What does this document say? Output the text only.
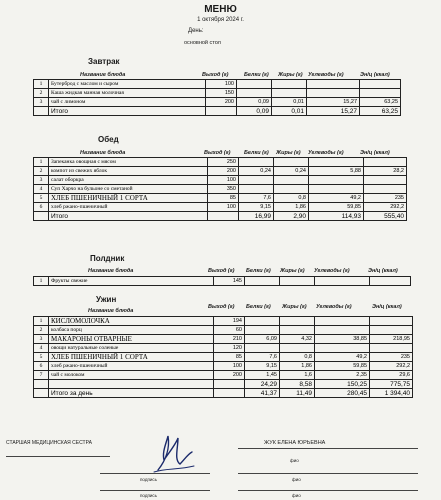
МЕНЮ
1 октября 2024 г.
День:
основной стол
Завтрак
Название блюда	Выход (г)	Белки (г) Жиры (г) Углеводы (г)	Эн/ц (ккал)
1	Бутерброд с маслом и сыром	100				
2	Каша жидкая манная молочная	150				
3	чай с лимоном	200	0,09	0,01	15,27	63,25
	Итого		0,09	0,01	15,27	63,25
Обед
Название блюда	Выход (г) Белки (г) Жиры (г) Углеводы (г)	Эн/ц (ккал)
1	Запеканка овощная с мясом	250				
2	компот из свежих яблок	200	0,24	0,24	5,88	28,2
3	салат оборкра	100				
4	Суп Харчо на бульоне со сметаной	350				
5	ХЛЕБ ПШЕНИЧНЫЙ 1 СОРТА	85	7,6	0,8	49,2	235
6	хлеб ржано-пшеничный	100	9,15	1,86	59,85	292,2
	Итого		16,99	2,90	114,93	555,40
Полдник
Название блюда	Выход (г) Белки (г) Жиры (г) Углеводы (г)	Эн/ц (ккал)
1	Фрукты свежие	145				
Ужин
Название блюда
Выход (г) Белки (г) Жиры (г) Углеводы (г)	Эн/ц (ккал)
1	КИСЛОМОЛОЧКА	194				
2	колбаса порц	60				
3	МАКАРОНЫ ОТВАРНЫЕ	210	6,09	4,32	38,85	218,95
4	овощи натуральные соленые	120				
5	ХЛЕБ ПШЕНИЧНЫЙ 1 СОРТА	85	7,6	0,8	49,2	235
6	хлеб ржано-пшеничный	100	9,15	1,86	59,85	292,2
7	чай с молоком	200	1,45	1,6	2,35	29,6
			24,29	8,58	150,25	775,75
	Итого за день		41,37	11,49	280,45	1 394,40
СТАРШАЯ МЕДИЦИНСКАЯ СЕСТРА	ЖУК ЕЛЕНА ЮРЬЕВНА
фио
фио
фио
подпись
подпись
